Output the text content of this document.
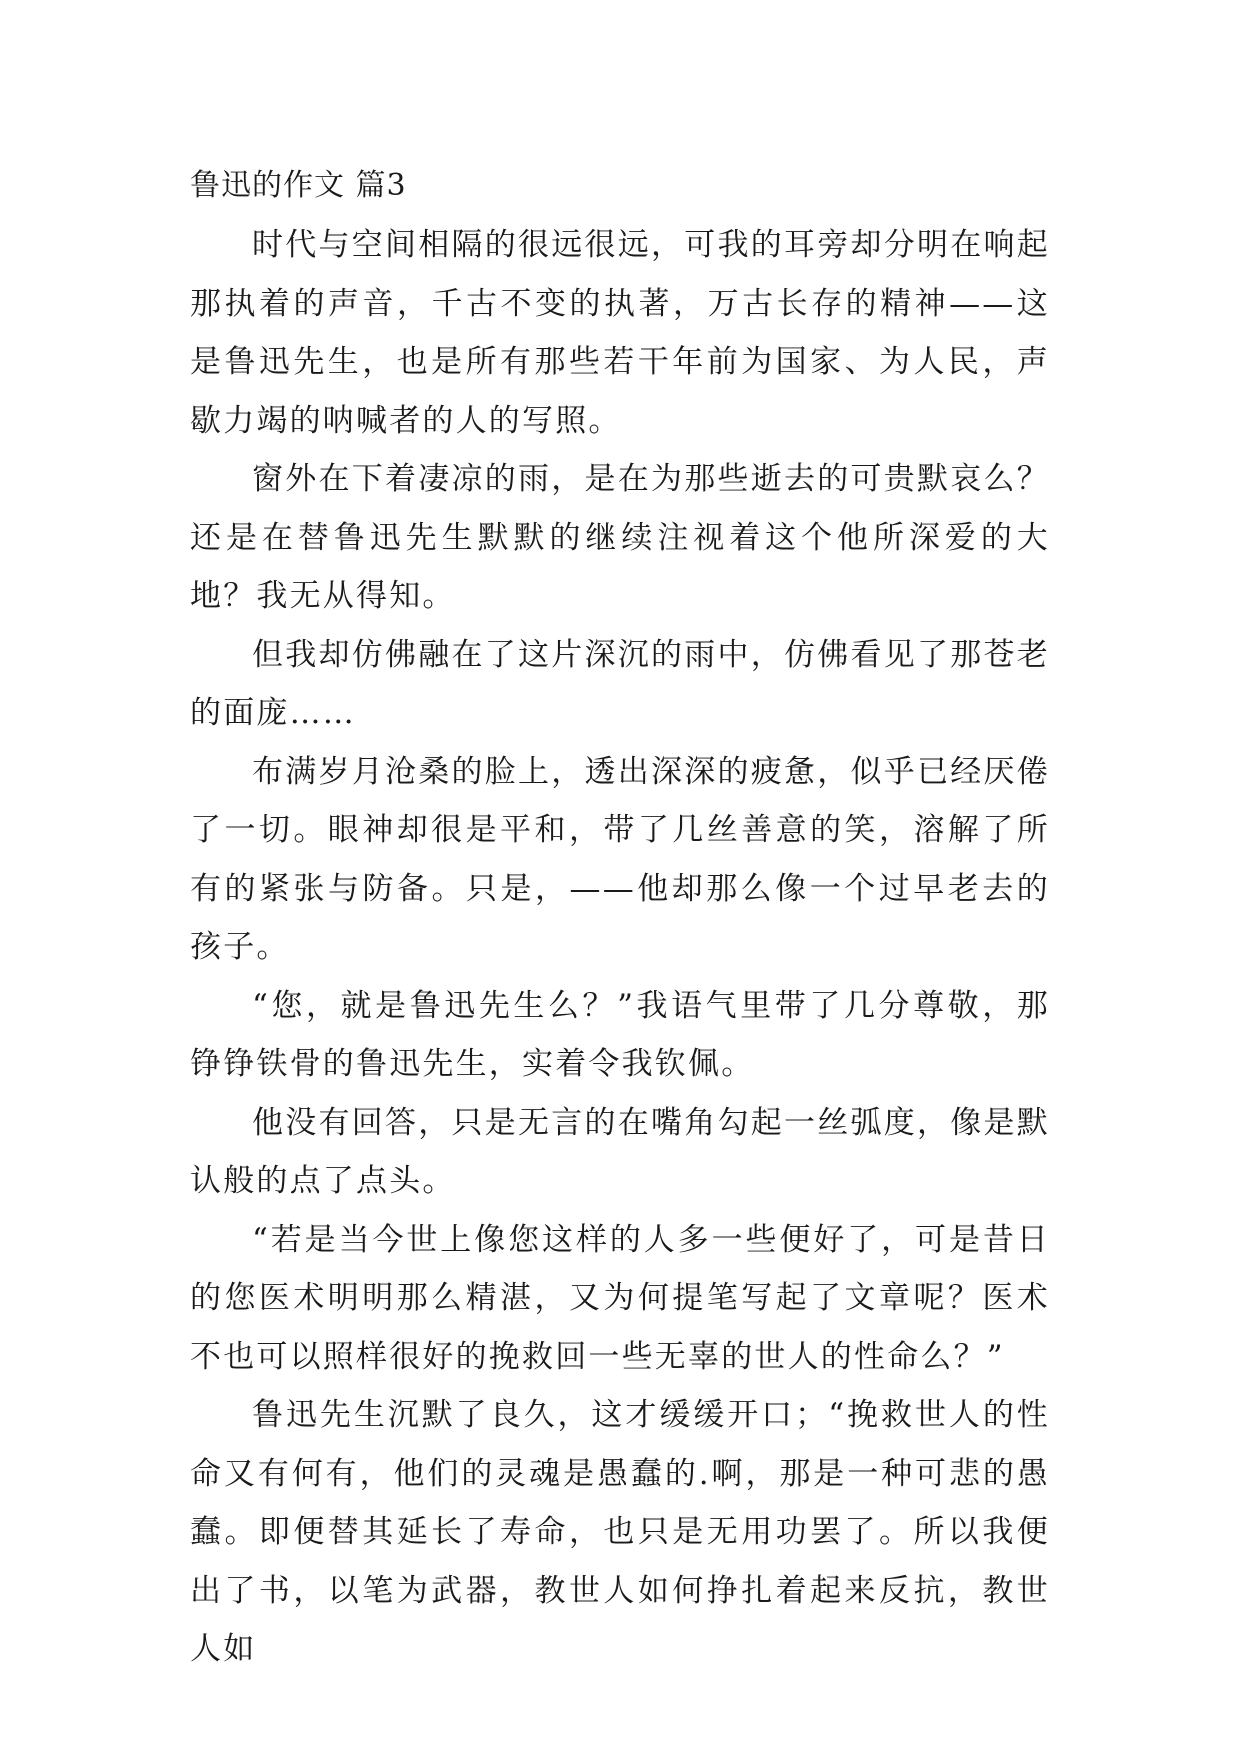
鲁迅的作文 篇3

时代与空间相隔的很远很远，可我的耳旁却分明在响起那执着的声音，千古不变的执著，万古长存的精神——这是鲁迅先生，也是所有那些若干年前为国家、为人民，声歇力竭的呐喊者的人的写照。

窗外在下着凄凉的雨，是在为那些逝去的可贵默哀么？还是在替鲁迅先生默默的继续注视着这个他所深爱的大地？我无从得知。

但我却仿佛融在了这片深沉的雨中，仿佛看见了那苍老的面庞……

布满岁月沧桑的脸上，透出深深的疲惫，似乎已经厌倦了一切。眼神却很是平和，带了几丝善意的笑，溶解了所有的紧张与防备。只是，——他却那么像一个过早老去的孩子。

“您，就是鲁迅先生么？”我语气里带了几分尊敬，那铮铮铁骨的鲁迅先生，实着令我钦佩。

他没有回答，只是无言的在嘴角勾起一丝弧度，像是默认般的点了点头。

“若是当今世上像您这样的人多一些便好了，可是昔日的您医术明明那么精湛，又为何提笔写起了文章呢？医术不也可以照样很好的挽救回一些无辜的世人的性命么？”

鲁迅先生沉默了良久，这才缓缓开口；“挽救世人的性命又有何有，他们的灵魂是愚蠢的.啊，那是一种可悲的愚蠢。即便替其延长了寿命，也只是无用功罢了。所以我便出了书，以笔为武器，教世人如何挣扎着起来反抗，教世人如
